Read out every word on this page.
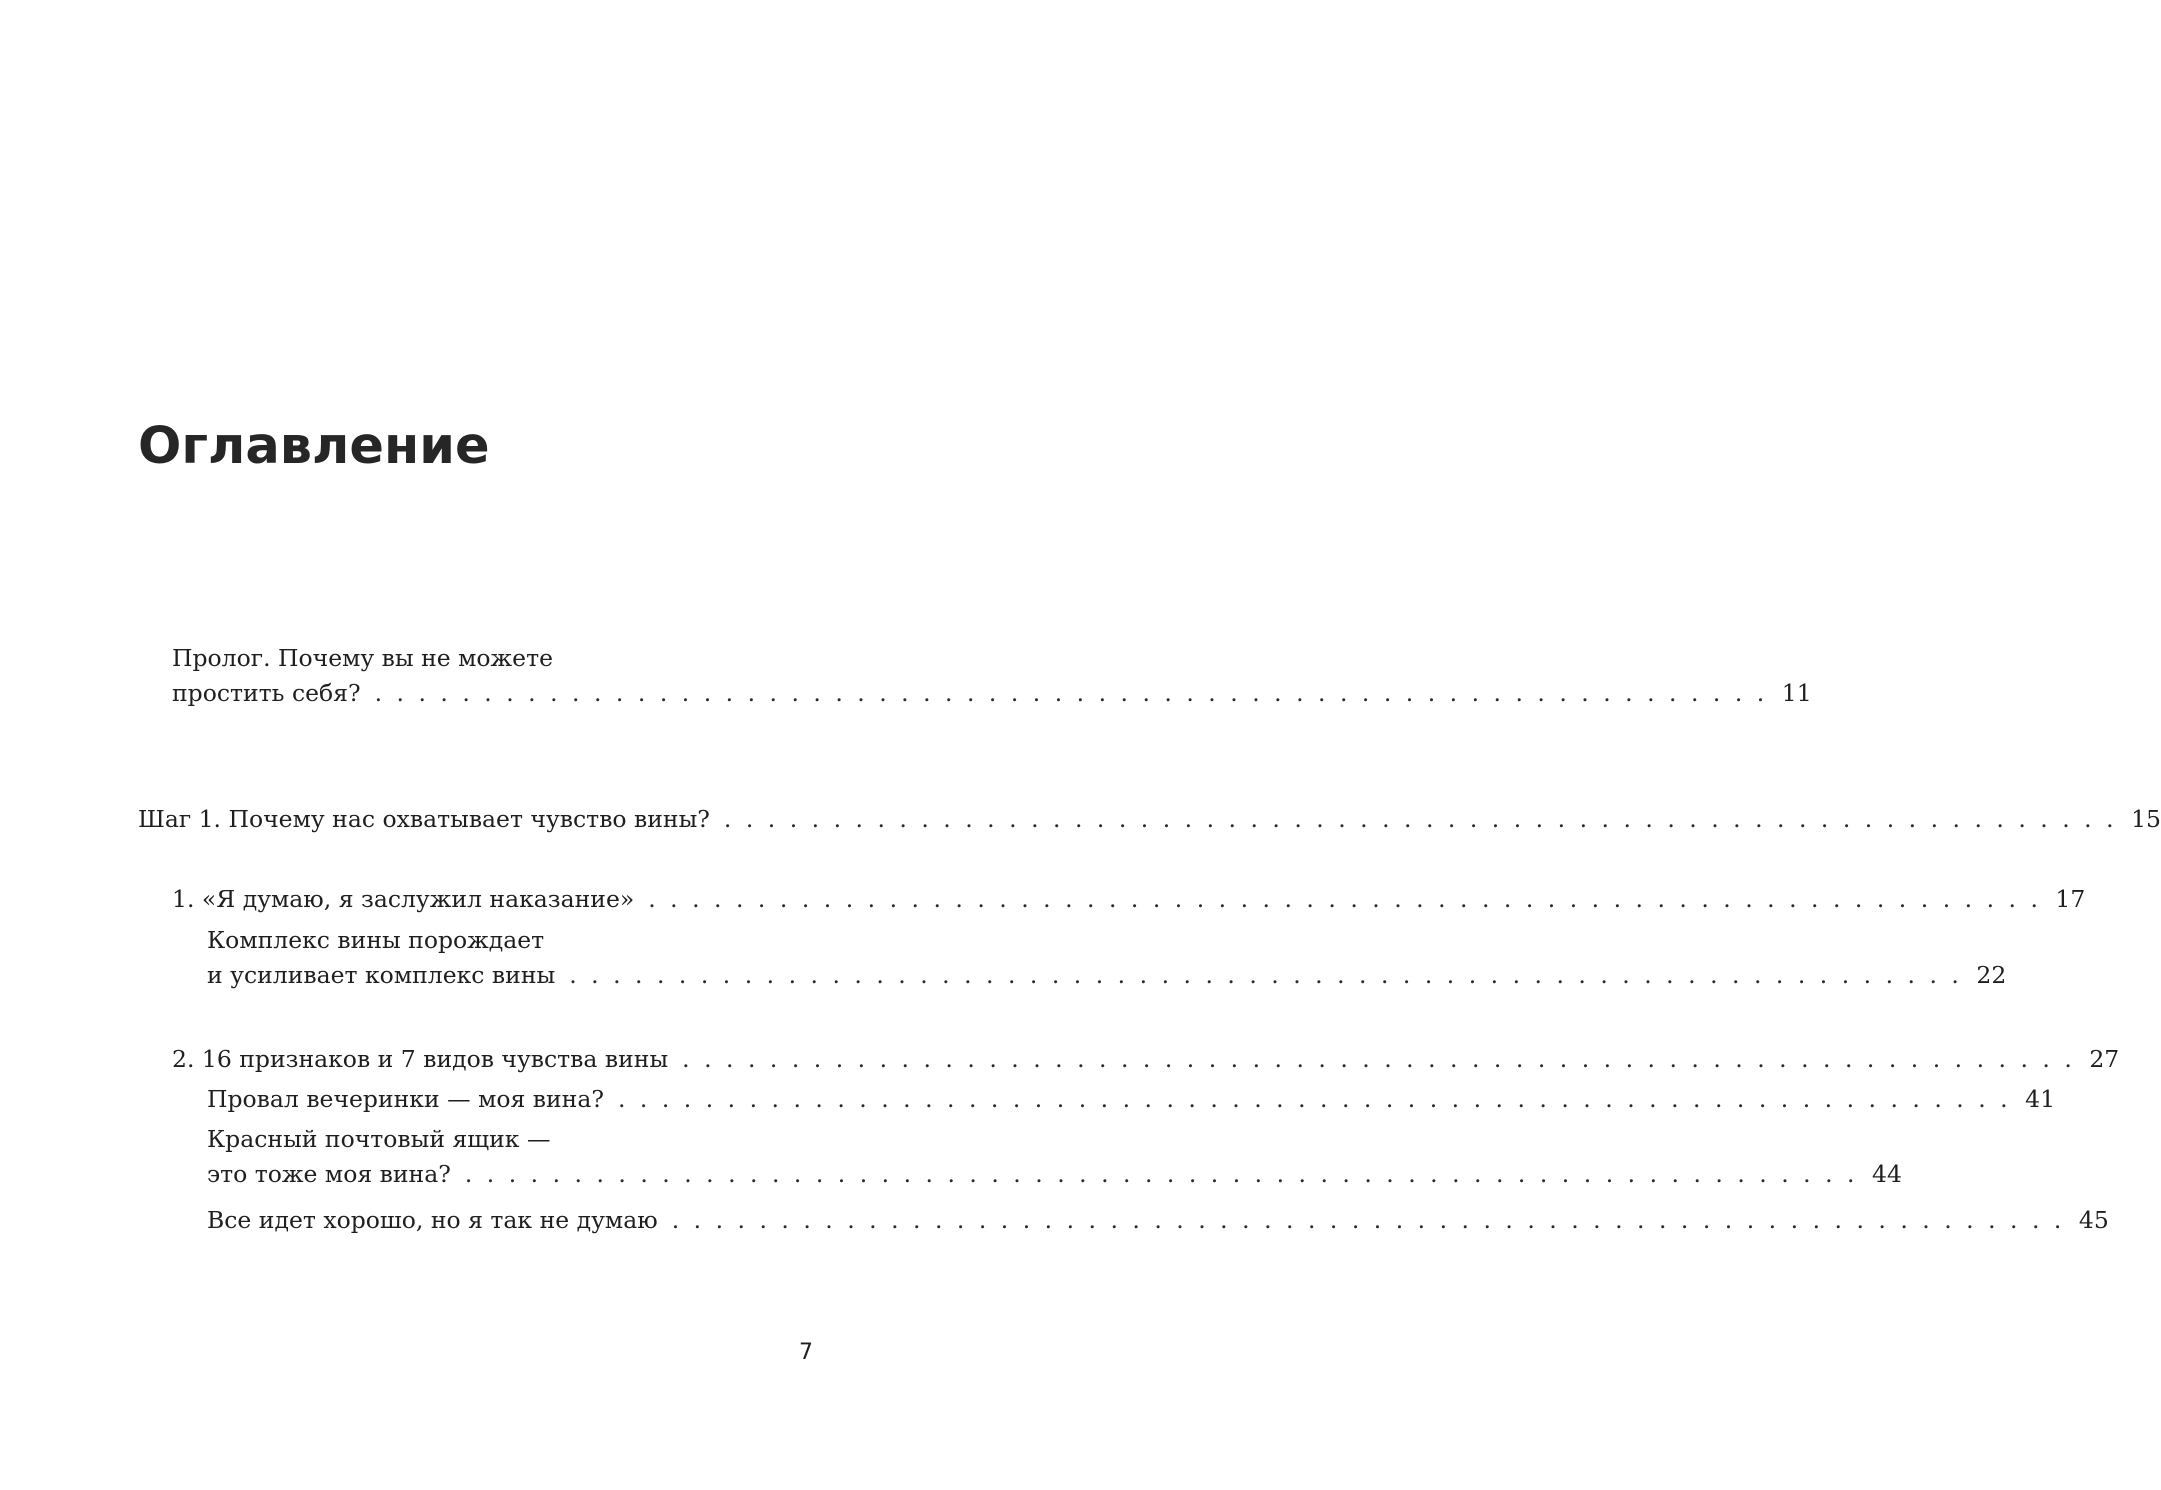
Оглавление
Пролог. Почему вы не можете
простить себя? . . . . . . . . . . . . . . . . . . . . . . . . . . . . . . . . . . . . . . . . . . . . . . . . . . . . . . . . . . . . . . . . 11
Шаг 1. Почему нас охватывает чувство вины? . . . . . . . . . . . . . . . . . . . . . . . . . . . . . . . . . . . . . . . . . . . . . . . . . . . . . . . . . . . . . . . . 15
1. «Я думаю, я заслужил наказание» . . . . . . . . . . . . . . . . . . . . . . . . . . . . . . . . . . . . . . . . . . . . . . . . . . . . . . . . . . . . . . . . 17
Комплекс вины порождает
и усиливает комплекс вины . . . . . . . . . . . . . . . . . . . . . . . . . . . . . . . . . . . . . . . . . . . . . . . . . . . . . . . . . . . . . . . . 22
2. 16 признаков и 7 видов чувства вины . . . . . . . . . . . . . . . . . . . . . . . . . . . . . . . . . . . . . . . . . . . . . . . . . . . . . . . . . . . . . . . . 27
Провал вечеринки — моя вина? . . . . . . . . . . . . . . . . . . . . . . . . . . . . . . . . . . . . . . . . . . . . . . . . . . . . . . . . . . . . . . . . 41
Красный почтовый ящик —
это тоже моя вина? . . . . . . . . . . . . . . . . . . . . . . . . . . . . . . . . . . . . . . . . . . . . . . . . . . . . . . . . . . . . . . . . 44
Все идет хорошо, но я так не думаю . . . . . . . . . . . . . . . . . . . . . . . . . . . . . . . . . . . . . . . . . . . . . . . . . . . . . . . . . . . . . . . . 45
7
